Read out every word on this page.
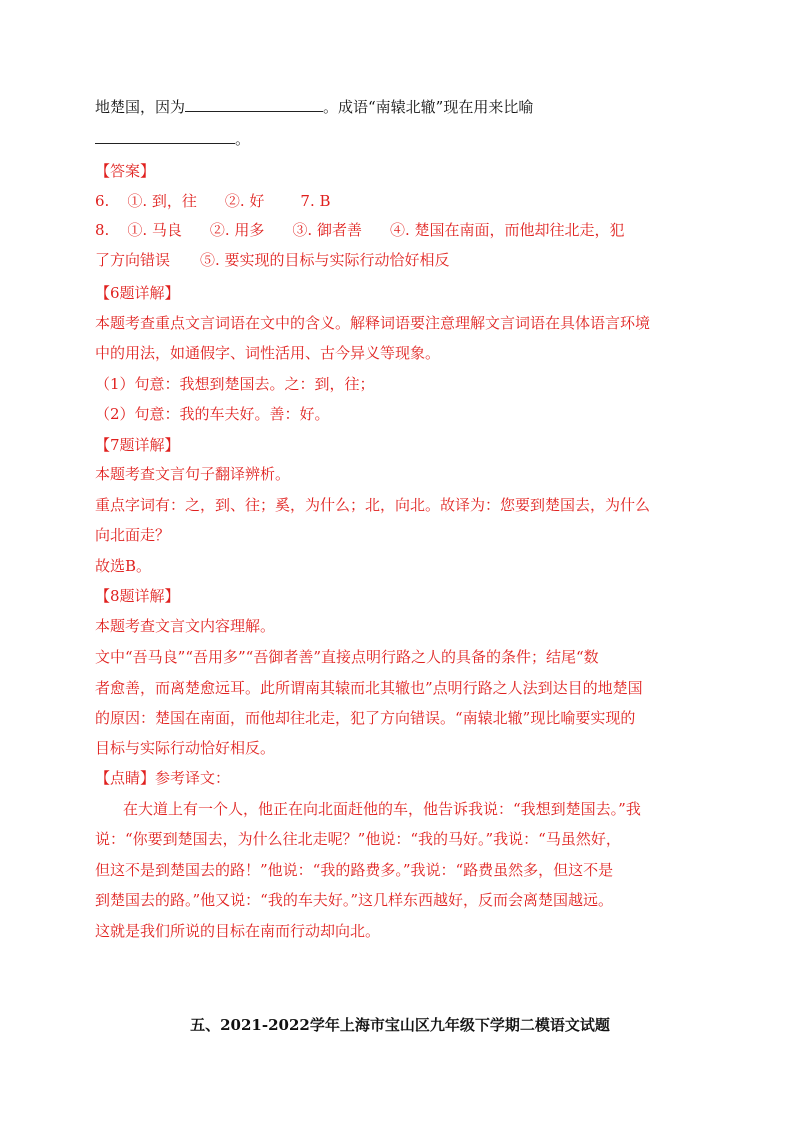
地楚国，因为	。成语“南辕北辙”现在用来比喻
。
【答案】
6. ①. 到，往 ②. 好 7. B
8. ①. 马良 ②. 用多 ③. 御者善 ④. 楚国在南面，而他却往北走，犯
了方向错误 ⑤. 要实现的目标与实际行动恰好相反
【6题详解】
本题考查重点文言词语在文中的含义。解释词语要注意理解文言词语在具体语言环境
中的用法，如通假字、词性活用、古今异义等现象。
（1）句意：我想到楚国去。之：到，往；
（2）句意：我的车夫好。善：好。
【7题详解】
本题考查文言句子翻译辨析。
重点字词有：之，到、往；奚，为什么；北，向北。故译为：您要到楚国去，为什么
向北面走？
故选B。
【8题详解】
本题考查文言文内容理解。
文中“吾马良”“吾用多”“吾御者善”直接点明行路之人的具备的条件；结尾“数
者愈善，而离楚愈远耳。此所谓南其辕而北其辙也”点明行路之人法到达目的地楚国
的原因：楚国在南面，而他却往北走，犯了方向错误。“南辕北辙”现比喻要实现的
目标与实际行动恰好相反。
【点睛】参考译文：
在大道上有一个人，他正在向北面赶他的车，他告诉我说：“我想到楚国去。”我
说：“你要到楚国去，为什么往北走呢？”他说：“我的马好。”我说：“马虽然好，
但这不是到楚国去的路！”他说：“我的路费多。”我说：“路费虽然多，但这不是
到楚国去的路。”他又说：“我的车夫好。”这几样东西越好，反而会离楚国越远。
这就是我们所说的目标在南而行动却向北。
五、2021-2022学年上海市宝山区九年级下学期二模语文试题
